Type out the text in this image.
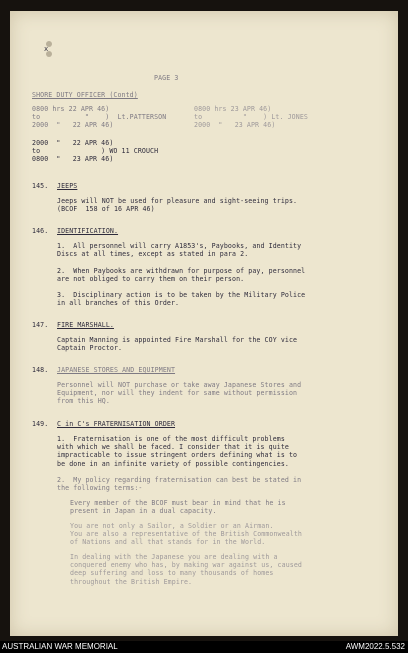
x
PAGE 3
SHORE DUTY OFFICER (Contd)
0800 hrs 22 APR 46)
to           "    )  Lt.PATTERSON
2000  "   22 APR 46)
0800 hrs 23 APR 46)
to          "    ) Lt. JONES
2000  "   23 APR 46)
2000  "   22 APR 46)
to               ) WO 11 CROUCH
0800  "   23 APR 46)
145. JEEPS
Jeeps will NOT be used for pleasure and sight-seeing trips.
(BCOF  158 of 16 APR 46)
146. IDENTIFICATION.
1.  All personnel will carry A1853's, Paybooks, and Identity
Discs at all times, except as stated in para 2.
2.  When Paybooks are withdrawn for purpose of pay, personnel
are not obliged to carry them on their person.
3.  Disciplinary action is to be taken by the Military Police
in all branches of this Order.
147. FIRE MARSHALL.
Captain Manning is appointed Fire Marshall for the COY vice
Captain Proctor.
148. JAPANESE STORES AND EQUIPMENT
Personnel will NOT purchase or take away Japanese Stores and
Equipment, nor will they indent for same without permission
from this HQ.
149. C in C's FRATERNISATION ORDER
1.  Fraternisation is one of the most difficult problems
with which we shall be faced. I consider that it is quite
impracticable to issue stringent orders defining what is to
be done in an infinite variety of possible contingencies.
2.  My policy regarding fraternisation can best be stated in
the following terms:-
Every member of the BCOF must bear in mind that he is
present in Japan in a dual capacity.
You are not only a Sailor, a Soldier or an Airman.
You are also a representative of the British Commonwealth
of Nations and all that stands for in the World.
In dealing with the Japanese you are dealing with a
conquered enemy who has, by making war against us, caused
deep suffering and loss to many thousands of homes
throughout the British Empire.
AUSTRALIAN WAR MEMORIAL	AWM2022.5.532
